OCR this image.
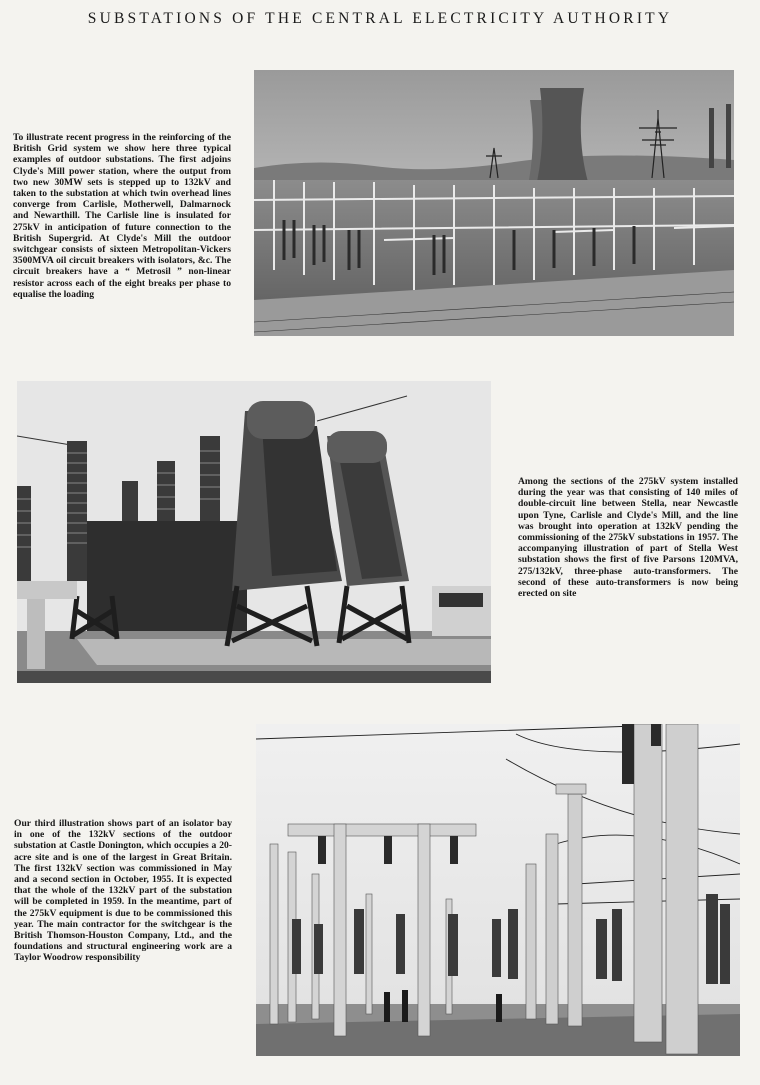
SUBSTATIONS OF THE CENTRAL ELECTRICITY AUTHORITY
To illustrate recent progress in the reinforcing of the British Grid system we show here three typical examples of outdoor substations. The first adjoins Clyde's Mill power station, where the output from two new 30MW sets is stepped up to 132kV and taken to the substation at which twin overhead lines converge from Carlisle, Motherwell, Dalmarnock and Newarthill. The Carlisle line is insulated for 275kV in anticipation of future connection to the British Supergrid. At Clyde's Mill the outdoor switchgear consists of sixteen Metropolitan-Vickers 3500MVA oil circuit breakers with isolators, &c. The circuit breakers have a “ Metrosil ” non-linear resistor across each of the eight breaks per phase to equalise the loading
Among the sections of the 275kV system installed during the year was that consisting of 140 miles of double-circuit line between Stella, near Newcastle upon Tyne, Carlisle and Clyde's Mill, and the line was brought into operation at 132kV pending the commissioning of the 275kV substations in 1957. The accompanying illustration of part of Stella West substation shows the first of five Parsons 120MVA, 275/132kV, three-phase auto-transformers. The second of these auto-transformers is now being erected on site
Our third illustration shows part of an isolator bay in one of the 132kV sections of the outdoor substation at Castle Donington, which occupies a 20-acre site and is one of the largest in Great Britain. The first 132kV section was commissioned in May and a second section in October, 1955. It is expected that the whole of the 132kV part of the substation will be completed in 1959. In the meantime, part of the 275kV equipment is due to be commissioned this year. The main contractor for the switchgear is the British Thomson-Houston Company, Ltd., and the foundations and structural engineering work are a Taylor Woodrow responsibility
